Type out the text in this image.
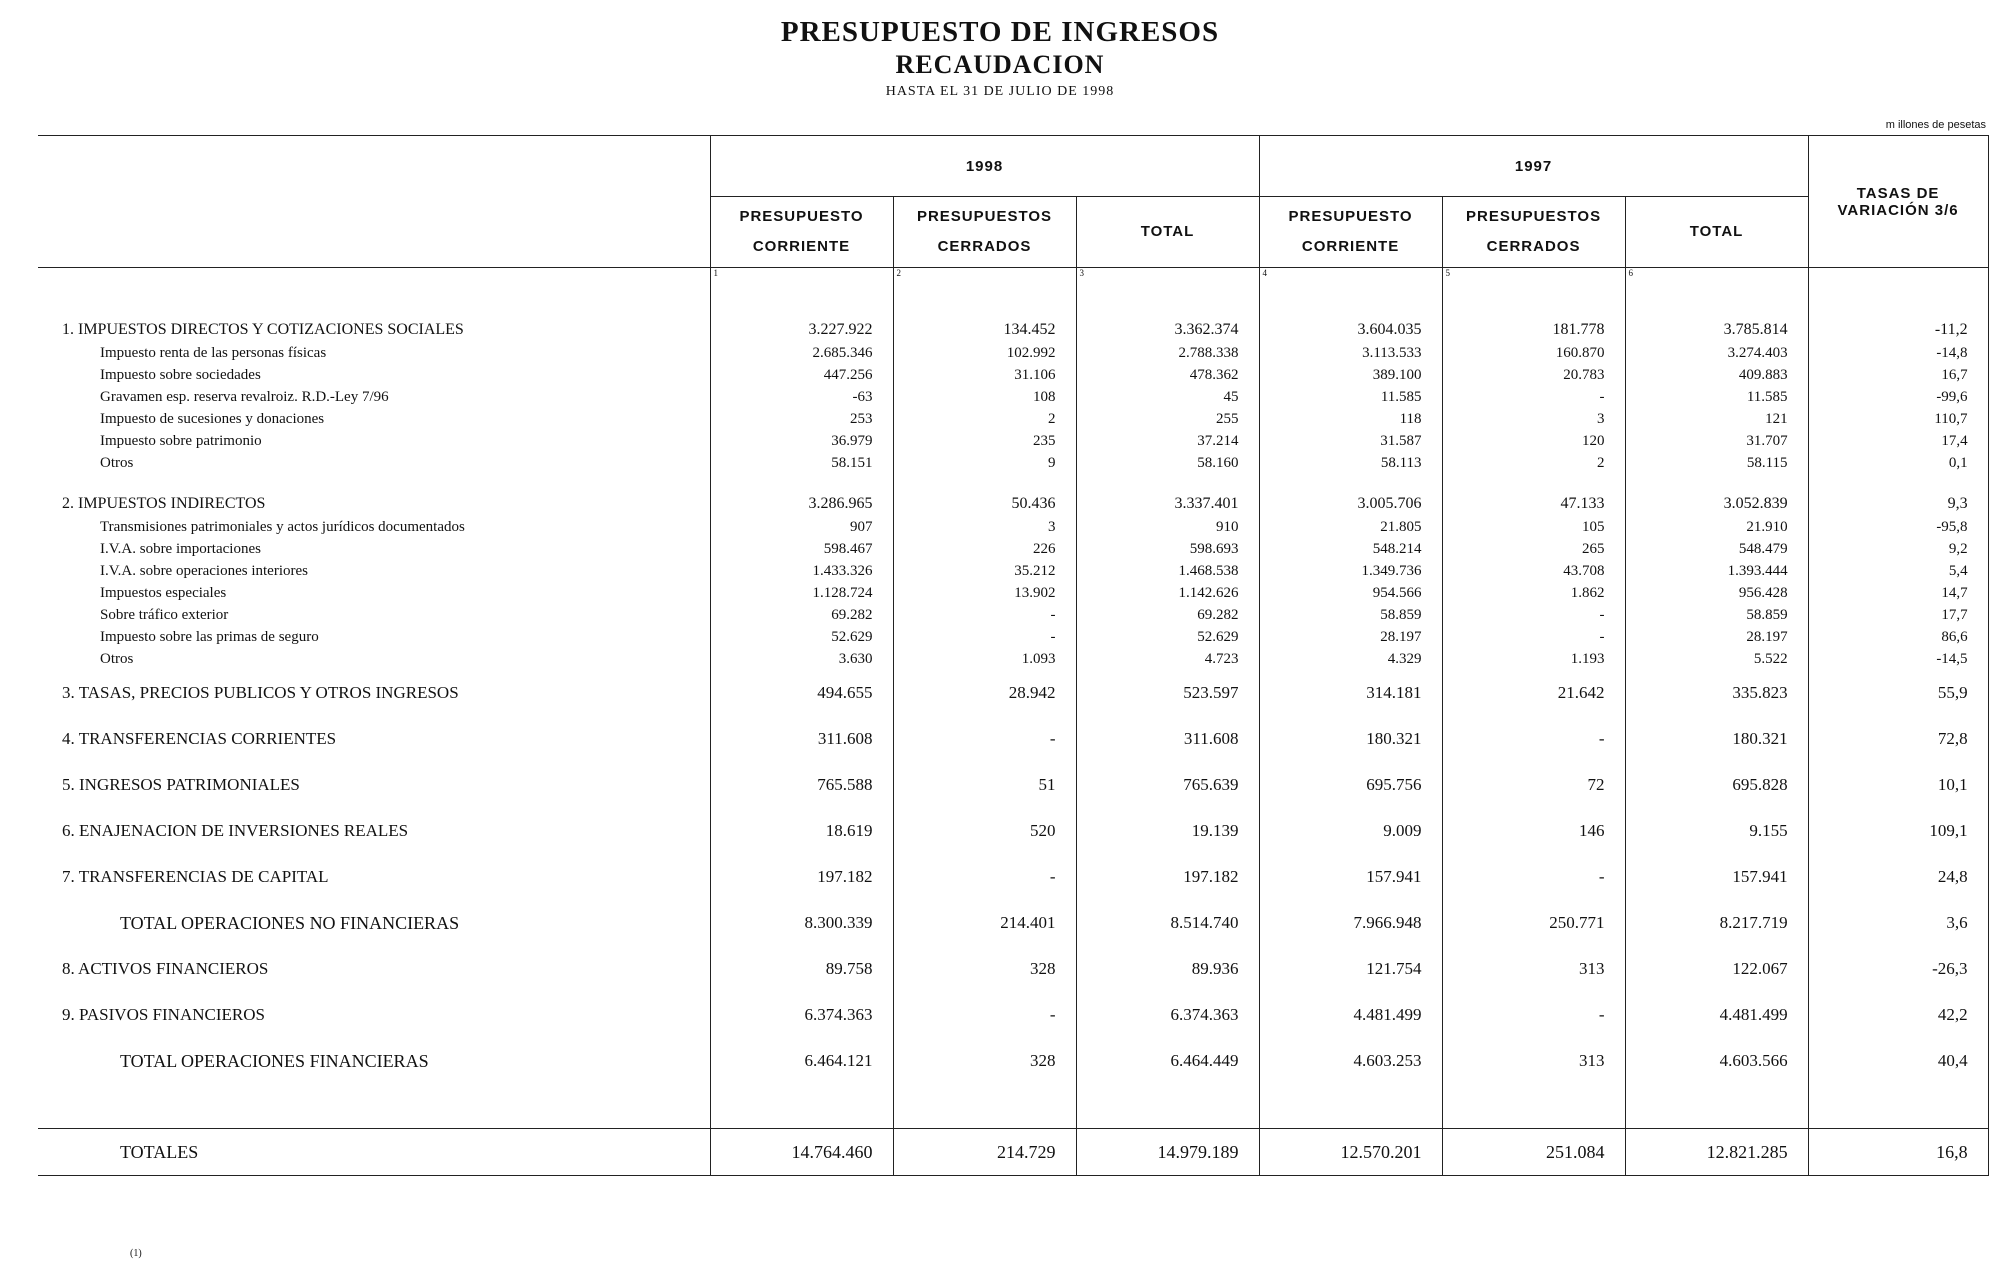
PRESUPUESTO DE INGRESOS
RECAUDACION
HASTA EL 31 DE JULIO DE 1998
m illones de pesetas
	1998			1997			TASAS DE VARIACIÓN 3/6
	PRESUPUESTO CORRIENTE	PRESUPUESTOS CERRADOS	TOTAL	PRESUPUESTO CORRIENTE	PRESUPUESTOS CERRADOS	TOTAL	
	1	2	3	4	5	6	
1. IMPUESTOS DIRECTOS Y COTIZACIONES SOCIALES	3.227.922	134.452	3.362.374	3.604.035	181.778	3.785.814	-11,2
Impuesto renta de las personas físicas	2.685.346	102.992	2.788.338	3.113.533	160.870	3.274.403	-14,8
Impuesto sobre sociedades	447.256	31.106	478.362	389.100	20.783	409.883	16,7
Gravamen esp. reserva revalroiz. R.D.-Ley 7/96	-63	108	45	11.585	-	11.585	-99,6
Impuesto de sucesiones y donaciones	253	2	255	118	3	121	110,7
Impuesto sobre patrimonio	36.979	235	37.214	31.587	120	31.707	17,4
Otros	58.151	9	58.160	58.113	2	58.115	0,1

2. IMPUESTOS INDIRECTOS	3.286.965	50.436	3.337.401	3.005.706	47.133	3.052.839	9,3
Transmisiones patrimoniales y actos jurídicos documentados	907	3	910	21.805	105	21.910	-95,8
I.V.A. sobre importaciones	598.467	226	598.693	548.214	265	548.479	9,2
I.V.A. sobre operaciones interiores	1.433.326	35.212	1.468.538	1.349.736	43.708	1.393.444	5,4
Impuestos especiales	1.128.724	13.902	1.142.626	954.566	1.862	956.428	14,7
Sobre tráfico exterior	69.282	-	69.282	58.859	-	58.859	17,7
Impuesto sobre las primas de seguro	52.629	-	52.629	28.197	-	28.197	86,6
Otros	3.630	1.093	4.723	4.329	1.193	5.522	-14,5
3. TASAS, PRECIOS PUBLICOS Y OTROS INGRESOS	494.655	28.942	523.597	314.181	21.642	335.823	55,9
4. TRANSFERENCIAS CORRIENTES	311.608	-	311.608	180.321	-	180.321	72,8
5. INGRESOS PATRIMONIALES	765.588	51	765.639	695.756	72	695.828	10,1
6. ENAJENACION DE INVERSIONES REALES	18.619	520	19.139	9.009	146	9.155	109,1
7. TRANSFERENCIAS DE CAPITAL	197.182	-	197.182	157.941	-	157.941	24,8
TOTAL OPERACIONES NO FINANCIERAS	8.300.339	214.401	8.514.740	7.966.948	250.771	8.217.719	3,6
8. ACTIVOS FINANCIEROS	89.758	328	89.936	121.754	313	122.067	-26,3
9. PASIVOS FINANCIEROS	6.374.363	-	6.374.363	4.481.499	-	4.481.499	42,2
TOTAL OPERACIONES FINANCIERAS	6.464.121	328	6.464.449	4.603.253	313	4.603.566	40,4

TOTALES	14.764.460	214.729	14.979.189	12.570.201	251.084	12.821.285	16,8
(1)
